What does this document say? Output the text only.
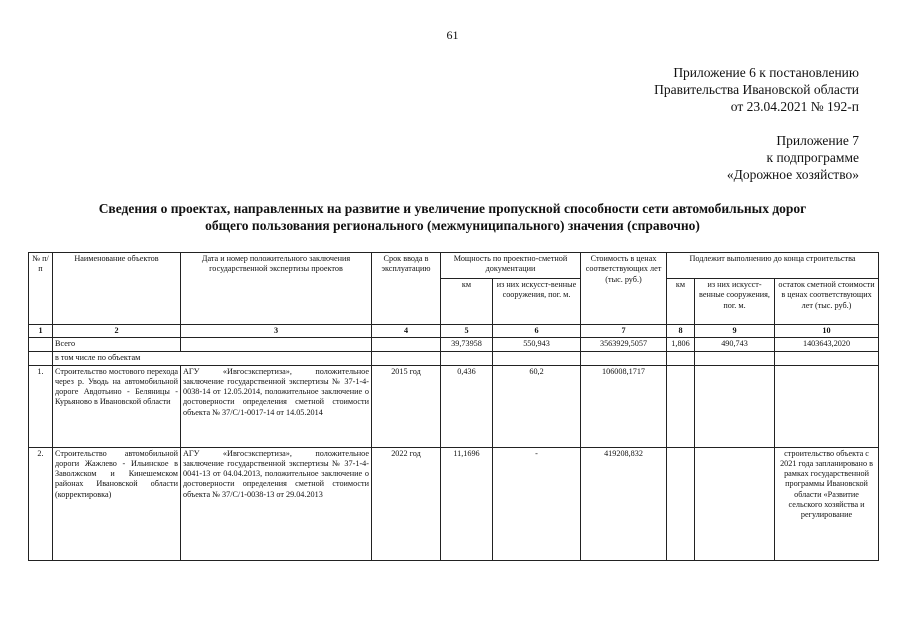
61
Приложение 6 к постановлению
Правительства Ивановской области
от 23.04.2021 № 192-п
Приложение 7
к подпрограмме
«Дорожное хозяйство»
Сведения о проектах, направленных на развитие и увеличение пропускной способности сети автомобильных дорог
общего пользования регионального (межмуниципального) значения (справочно)
№ п/п	Наименование объектов	Дата и номер положительного заключения государственной экспертизы проектов	Срок ввода в эксплуатацию	Мощность по проектно-сметной документации		Стоимость в ценах соответствующих лет (тыс. руб.)	Подлежит выполнению до конца строительства		
				км	из них искусст-венные сооружения, пог. м.		км	из них искусст-венные сооружения, пог. м.	остаток сметной стоимости в ценах соответствующих лет (тыс. руб.)
1	2	3	4	5	6	7	8	9	10
	Всего			39,73958	550,943	3563929,5057	1,806	490,743	1403643,2020
	в том числе по объектам								
1.	Строительство мостового перехода через р. Уводь на автомобильной дороге Авдотьино - Беляницы - Курьяново в Ивановской области	АГУ «Ивгосэкспертиза», положительное заключение государственной экспертизы № 37-1-4-0038-14 от 12.05.2014, положительное заключение о достоверности определения сметной стоимости объекта № 37/С/1-0017-14 от 14.05.2014	2015 год	0,436	60,2	106008,1717			
2.	Строительство автомобильной дороги Жажлево - Ильинское в Заволжском и Кинешемском районах Ивановской области (корректировка)	АГУ «Ивгосэкспертиза», положительное заключение государственной экспертизы № 37-1-4-0041-13 от 04.04.2013, положительное заключение о достоверности определения сметной стоимости объекта № 37/С/1-0038-13 от 29.04.2013	2022 год	11,1696	-	419208,832			строительство объекта с 2021 года запланировано в рамках государственной программы Ивановской области «Развитие сельского хозяйства и регулирование
